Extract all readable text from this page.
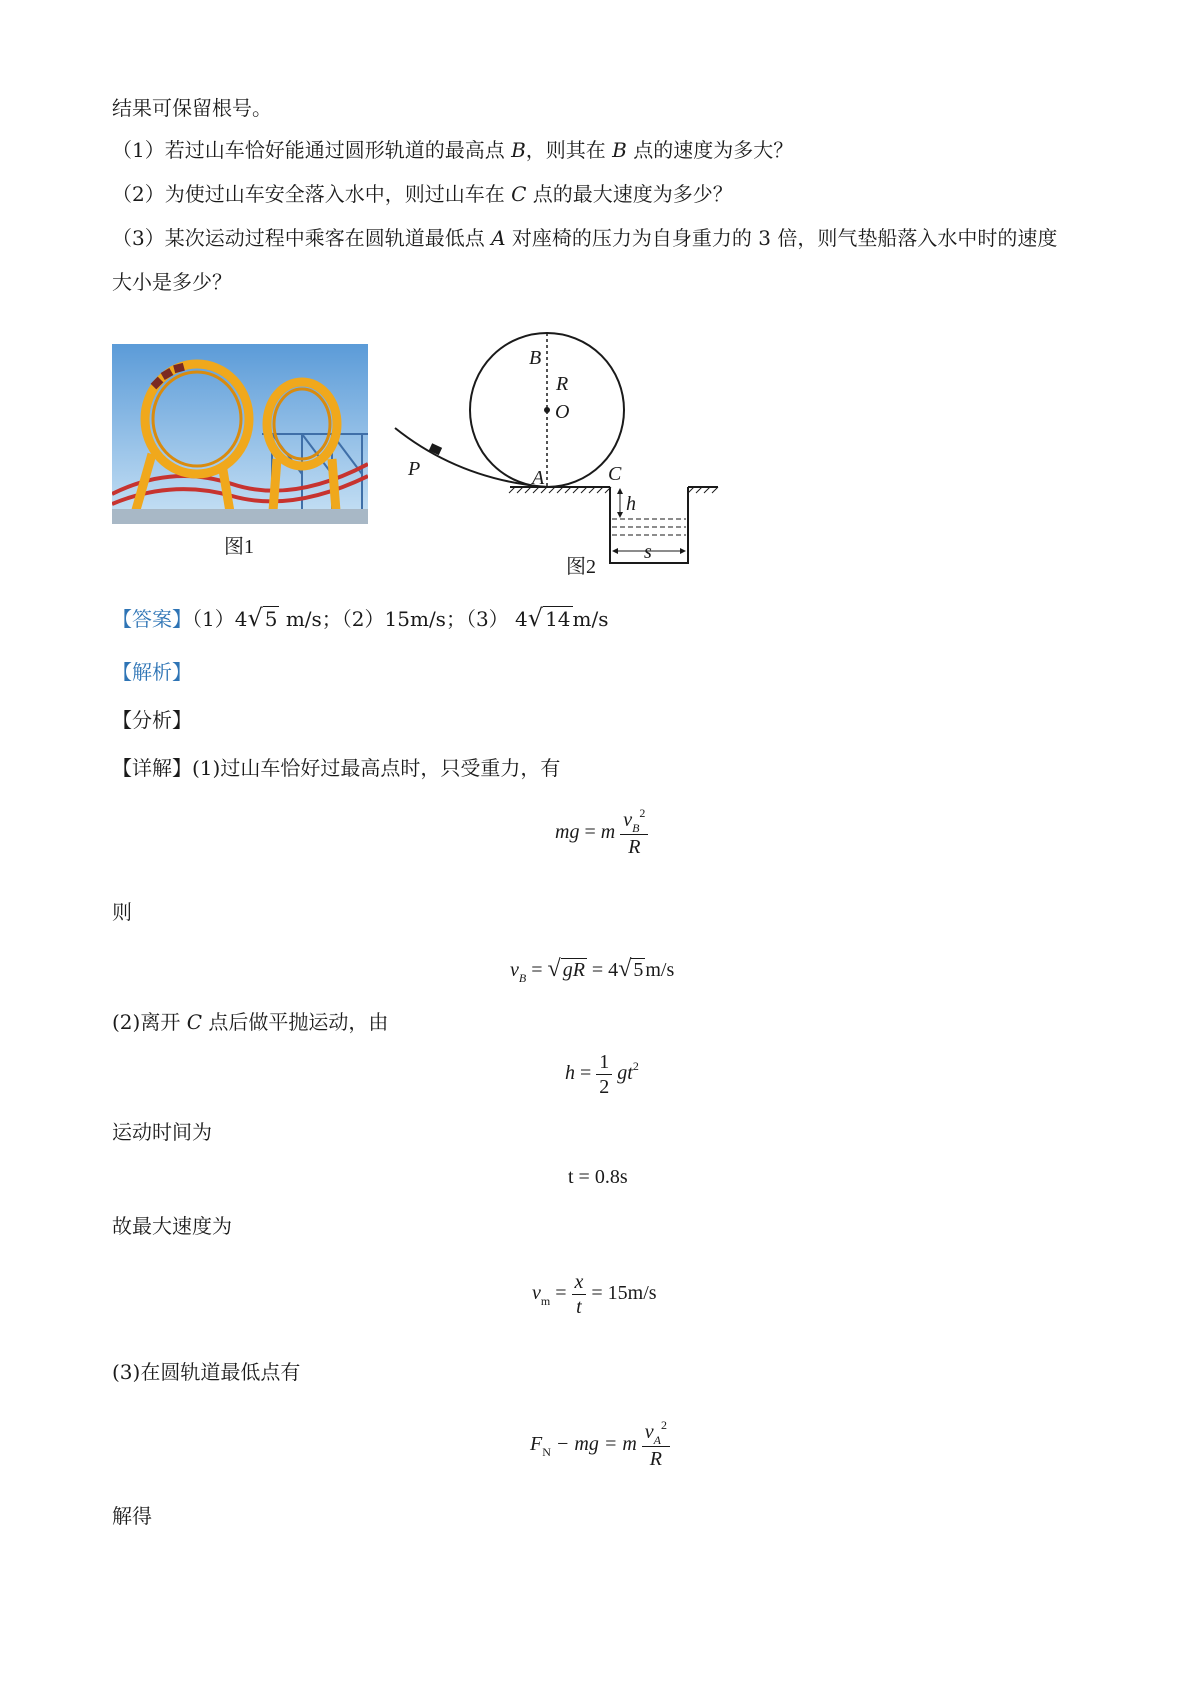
结果可保留根号。
（1）若过山车恰好能通过圆形轨道的最高点 B，则其在 B 点的速度为多大？
（2）为使过山车安全落入水中，则过山车在 C 点的最大速度为多少？
（3）某次运动过程中乘客在圆轨道最低点 A 对座椅的压力为自身重力的 3 倍，则气垫船落入水中时的速度
大小是多少？
图1
B
R
O
A	C
P
h
s
图2
【答案】（1）4√ 5 m/s；（2）15m/s；（3） 4√ 14 m/s
【解析】
【分析】
【详解】(1)过山车恰好过最高点时，只受重力，有
mg = m $\frac{v_B^2}{R}$
则
$v_B$ = √ gR = 4√ 5 m/s
(2)离开 C 点后做平抛运动，由
$h = \frac{1}{2} gt^2$
运动时间为
t = 0.8s
故最大速度为
$v_m = \frac{x}{t} = 15m/s$
(3)在圆轨道最低点有
$F_N$ − mg = m $\frac{v_A^2}{R}$
解得
